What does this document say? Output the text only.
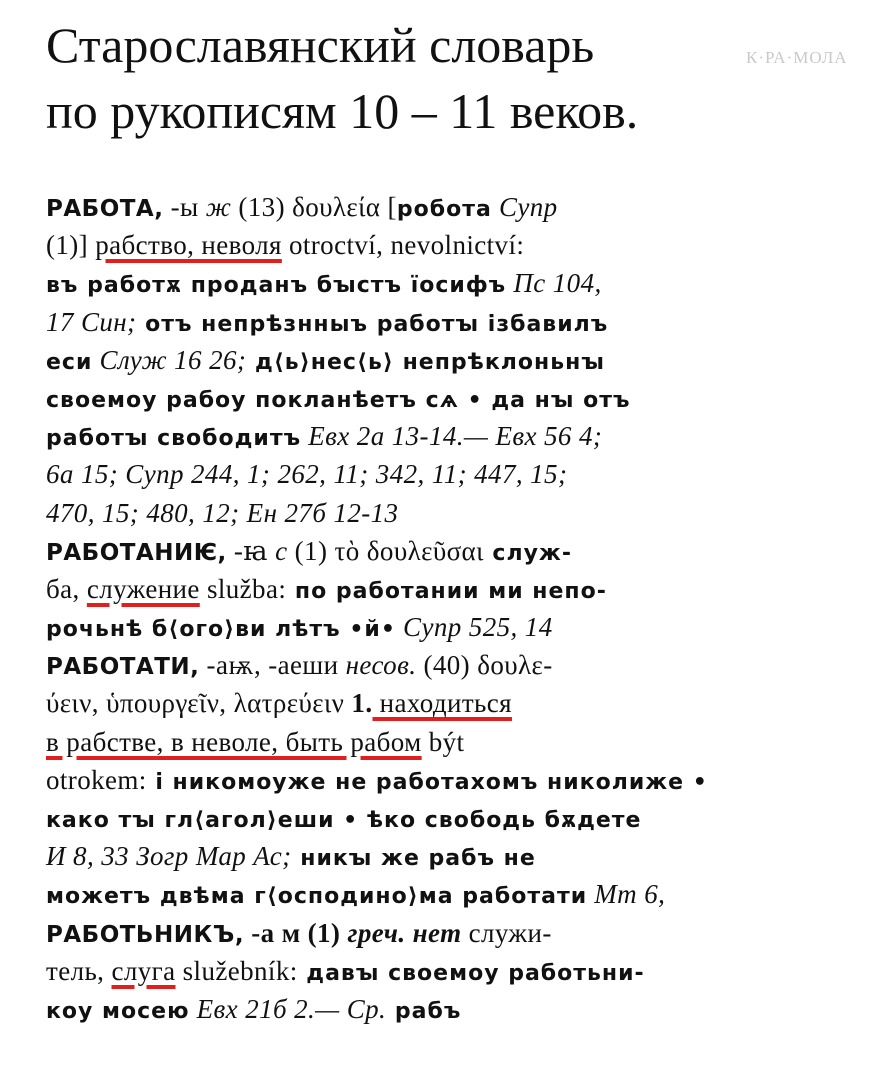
Старославянский словарь
по рукописям 10 – 11 веков.
К·РА·МОЛА
РАБОТА, -ы ж (13) δουλεία [робота Супр
(1)] рабство, неволя otroctví, nevolnictví:
въ работѫ проданъ бꙑстъ їосифъ Пс 104,
17 Син; отъ непрѣзнныъ работꙑ ізбавилъ
еси Служ 16 26; д⟨ь⟩нес⟨ь⟩ непрѣклоньнꙑ
своемоу рабоу покланѣетъ сѧ • да нꙑ отъ
работꙑ свободитъ Евх 2а 13-14.— Евх 56 4;
6а 15; Супр 244, 1; 262, 11; 342, 11; 447, 15;
470, 15; 480, 12; Ен 27б 12-13
РАБОТАНИѤ, -ꙗ с (1) τὸ δουλεῦσαι служ-
ба, служение služba: по работании ми непо-
рочьнѣ б⟨ого⟩ви лѣтъ •й• Супр 525, 14
РАБОТАТИ, -аѭ, -аеши несов. (40) δουλε-
ύειν, ὑπουργεῖν, λατρεύειν 1. находиться
в рабстве, в неволе, быть рабом být
otrokem: і никомоуже не работахомъ николиже •
како тꙑ гл⟨агол⟩еши • ѣко свободь бѫдете
И 8, 33 Зогр Мар Ас; никꙑ же рабъ не
можетъ двѣма г⟨осподино⟩ма работати Мт 6,
РАБОТЬНИКЪ, -а м (1) греч. нет служи-
тель, слуга služebník: давꙑ своемоу работьни-
коу мосею Евх 21б 2.— Ср. рабъ
